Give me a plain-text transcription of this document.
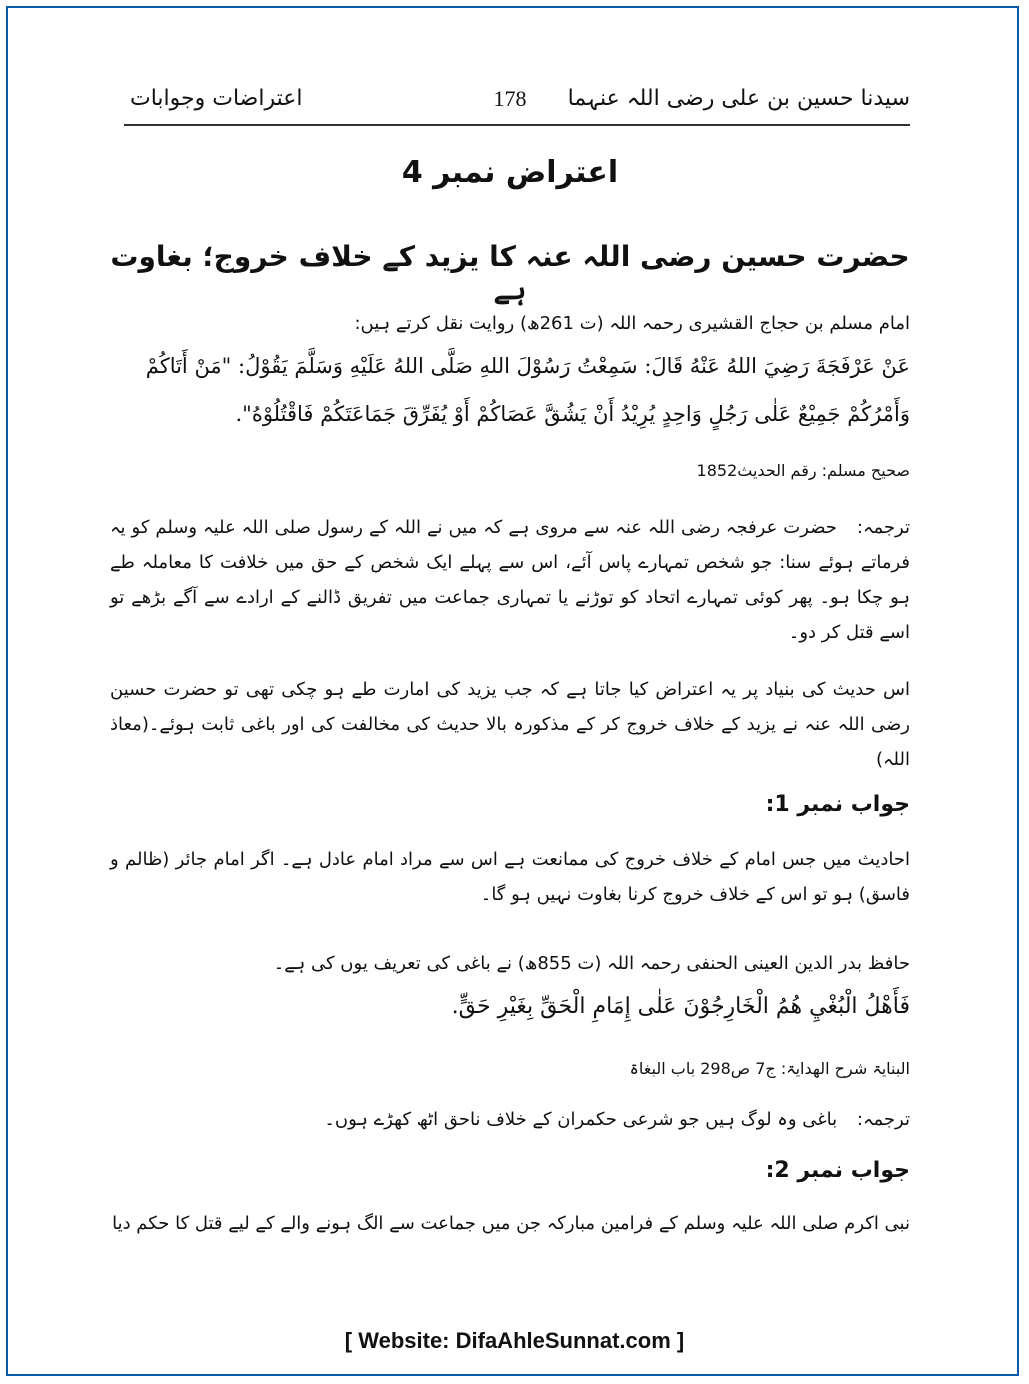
سیدنا حسین بن علی رضی اللہ عنہما
178
اعتراضات وجوابات
اعتراض نمبر 4
حضرت حسین رضی اللہ عنہ کا یزید کے خلاف خروج؛ بغاوت ہے
امام مسلم بن حجاج القشیری رحمہ اللہ (ت 261ھ) روایت نقل کرتے ہیں:
عَنْ عَرْفَجَةَ رَضِيَ اللهُ عَنْهُ قَالَ: سَمِعْتُ رَسُوْلَ اللهِ صَلَّى اللهُ عَلَيْهِ وَسَلَّمَ يَقُوْلُ: "مَنْ أَتَاكُمْ
وَأَمْرُكُمْ جَمِيْعٌ عَلٰى رَجُلٍ وَاحِدٍ يُرِيْدُ أَنْ يَشُقَّ عَصَاكُمْ أَوْ يُفَرِّقَ جَمَاعَتَكُمْ فَاقْتُلُوْهُ".
صحیح مسلم: رقم الحدیث1852
ترجمہ: حضرت عرفجہ رضی اللہ عنہ سے مروی ہے کہ میں نے اللہ کے رسول صلی اللہ علیہ وسلم کو یہ فرماتے ہوئے سنا: جو شخص تمہارے پاس آئے، اس سے پہلے ایک شخص کے حق میں خلافت کا معاملہ طے ہو چکا ہو۔ پھر کوئی تمہارے اتحاد کو توڑنے یا تمہاری جماعت میں تفریق ڈالنے کے ارادے سے آگے بڑھے تو اسے قتل کر دو۔
اس حدیث کی بنیاد پر یہ اعتراض کیا جاتا ہے کہ جب یزید کی امارت طے ہو چکی تھی تو حضرت حسین رضی اللہ عنہ نے یزید کے خلاف خروج کر کے مذکورہ بالا حدیث کی مخالفت کی اور باغی ثابت ہوئے۔(معاذ اللہ)
جواب نمبر 1:
احادیث میں جس امام کے خلاف خروج کی ممانعت ہے اس سے مراد امام عادل ہے۔ اگر امام جائر (ظالم و فاسق) ہو تو اس کے خلاف خروج کرنا بغاوت نہیں ہو گا۔
حافظ بدر الدین العینی الحنفی رحمہ اللہ (ت 855ھ) نے باغی کی تعریف یوں کی ہے۔
فَأَهْلُ الْبُغْيِ هُمُ الْخَارِجُوْنَ عَلٰى إِمَامِ الْحَقِّ بِغَيْرِ حَقٍّ.
البنایۃ شرح الھدایۃ: ج7 ص298 باب البغاۃ
ترجمہ: باغی وہ لوگ ہیں جو شرعی حکمران کے خلاف ناحق اٹھ کھڑے ہوں۔
جواب نمبر 2:
نبی اکرم صلی اللہ علیہ وسلم کے فرامین مبارکہ جن میں جماعت سے الگ ہونے والے کے لیے قتل کا حکم دیا
[ Website: DifaAhleSunnat.com ]
